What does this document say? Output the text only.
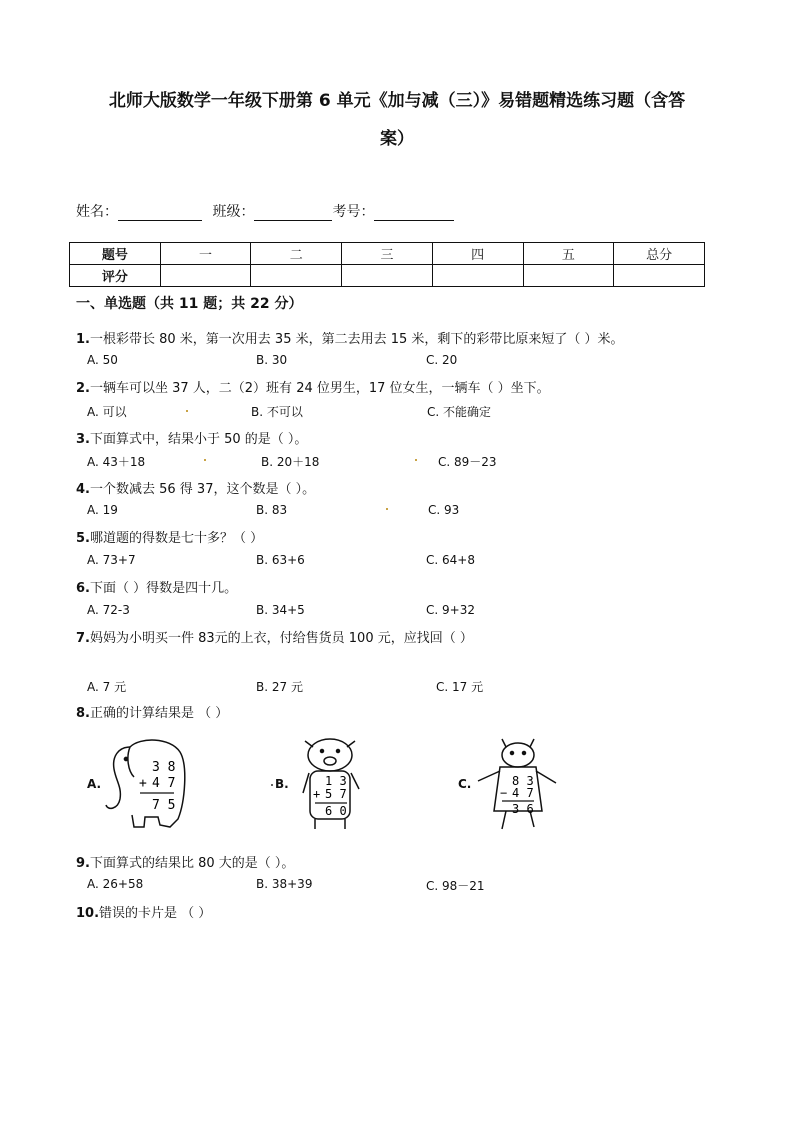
北师大版数学一年级下册第 6 单元《加与减（三）》易错题精选练习题（含答
案）
姓名：	班级：	考号：
题号	一	二	三	四	五	总分
评分						
一、单选题（共 11 题；共 22 分）
1.一根彩带长 80 米，第一次用去 35 米，第二去用去 15 米，剩下的彩带比原来短了（ ）米。
A. 50	B. 30	C. 20
2.一辆车可以坐 37 人，二（2）班有 24 位男生，17 位女生，一辆车（ ）坐下。
A. 可以	B. 不可以	C. 不能确定
3.下面算式中，结果小于 50 的是（ ）。
A. 43＋18	B. 20＋18	C. 89－23
4.一个数减去 56 得 37，这个数是（ ）。
A. 19	B. 83	C. 93
5.哪道题的得数是七十多？（ ）
A. 73+7	B. 63+6	C. 64+8
6.下面（ ）得数是四十几。
A. 72-3	B. 34+5	C. 9+32
7.妈妈为小明买一件 83元的上衣，付给售货员 100 元，应找回（ ）
A. 7 元	B. 27 元	C. 17 元
8.正确的计算结果是 （ ）
A.
3 8
+ 4 7
7 5
B.	1 3
+ 5 7
6 0
C.	8 3
− 4 7
3 6
9.下面算式的结果比 80 大的是（ ）。
A. 26+58	B. 38+39	C. 98－21
10.错误的卡片是 （ ）
